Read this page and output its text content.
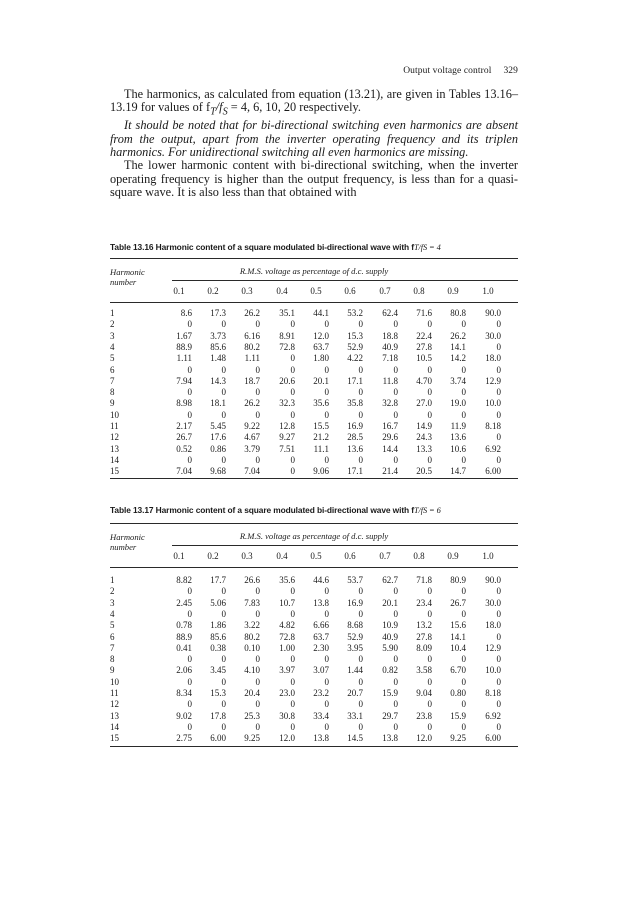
Output voltage control 329

The harmonics, as calculated from equation (13.21), are given in Tables 13.16–13.19 for values of $f_T/f_S = 4$, 6, 10, 20 respectively.

It should be noted that for bi-directional switching even harmonics are absent from the output, apart from the inverter operating frequency and its triplen harmonics. For unidirectional switching all even harmonics are missing.

The lower harmonic content with bi-directional switching, when the inverter operating frequency is higher than the output frequency, is less than for a quasi-square wave. It is also less than that obtained with

Table 13.16 Harmonic content of a square modulated bi-directional wave with fT/fS = 4
Harmonic number
R.M.S. voltage as percentage of d.c. supply
0.1	0.2	0.3	0.4	0.5	0.6	0.7	0.8	0.9	1.0
1	8.6	17.3	26.2	35.1	44.1	53.2	62.4	71.6	80.8	90.0
2	0	0	0	0	0	0	0	0	0	0
3	1.67	3.73	6.16	8.91	12.0	15.3	18.8	22.4	26.2	30.0
4	88.9	85.6	80.2	72.8	63.7	52.9	40.9	27.8	14.1	0
5	1.11	1.48	1.11	0	1.80	4.22	7.18	10.5	14.2	18.0
6	0	0	0	0	0	0	0	0	0	0
7	7.94	14.3	18.7	20.6	20.1	17.1	11.8	4.70	3.74	12.9
8	0	0	0	0	0	0	0	0	0	0
9	8.98	18.1	26.2	32.3	35.6	35.8	32.8	27.0	19.0	10.0
10	0	0	0	0	0	0	0	0	0	0
11	2.17	5.45	9.22	12.8	15.5	16.9	16.7	14.9	11.9	8.18
12	26.7	17.6	4.67	9.27	21.2	28.5	29.6	24.3	13.6	0
13	0.52	0.86	3.79	7.51	11.1	13.6	14.4	13.3	10.6	6.92
14	0	0	0	0	0	0	0	0	0	0
15	7.04	9.68	7.04	0	9.06	17.1	21.4	20.5	14.7	6.00
Table 13.17 Harmonic content of a square modulated bi-directional wave with fT/fS = 6
Harmonic number
R.M.S. voltage as percentage of d.c. supply
0.1	0.2	0.3	0.4	0.5	0.6	0.7	0.8	0.9	1.0
1	8.82	17.7	26.6	35.6	44.6	53.7	62.7	71.8	80.9	90.0
2	0	0	0	0	0	0	0	0	0	0
3	2.45	5.06	7.83	10.7	13.8	16.9	20.1	23.4	26.7	30.0
4	0	0	0	0	0	0	0	0	0	0
5	0.78	1.86	3.22	4.82	6.66	8.68	10.9	13.2	15.6	18.0
6	88.9	85.6	80.2	72.8	63.7	52.9	40.9	27.8	14.1	0
7	0.41	0.38	0.10	1.00	2.30	3.95	5.90	8.09	10.4	12.9
8	0	0	0	0	0	0	0	0	0	0
9	2.06	3.45	4.10	3.97	3.07	1.44	0.82	3.58	6.70	10.0
10	0	0	0	0	0	0	0	0	0	0
11	8.34	15.3	20.4	23.0	23.2	20.7	15.9	9.04	0.80	8.18
12	0	0	0	0	0	0	0	0	0	0
13	9.02	17.8	25.3	30.8	33.4	33.1	29.7	23.8	15.9	6.92
14	0	0	0	0	0	0	0	0	0	0
15	2.75	6.00	9.25	12.0	13.8	14.5	13.8	12.0	9.25	6.00
